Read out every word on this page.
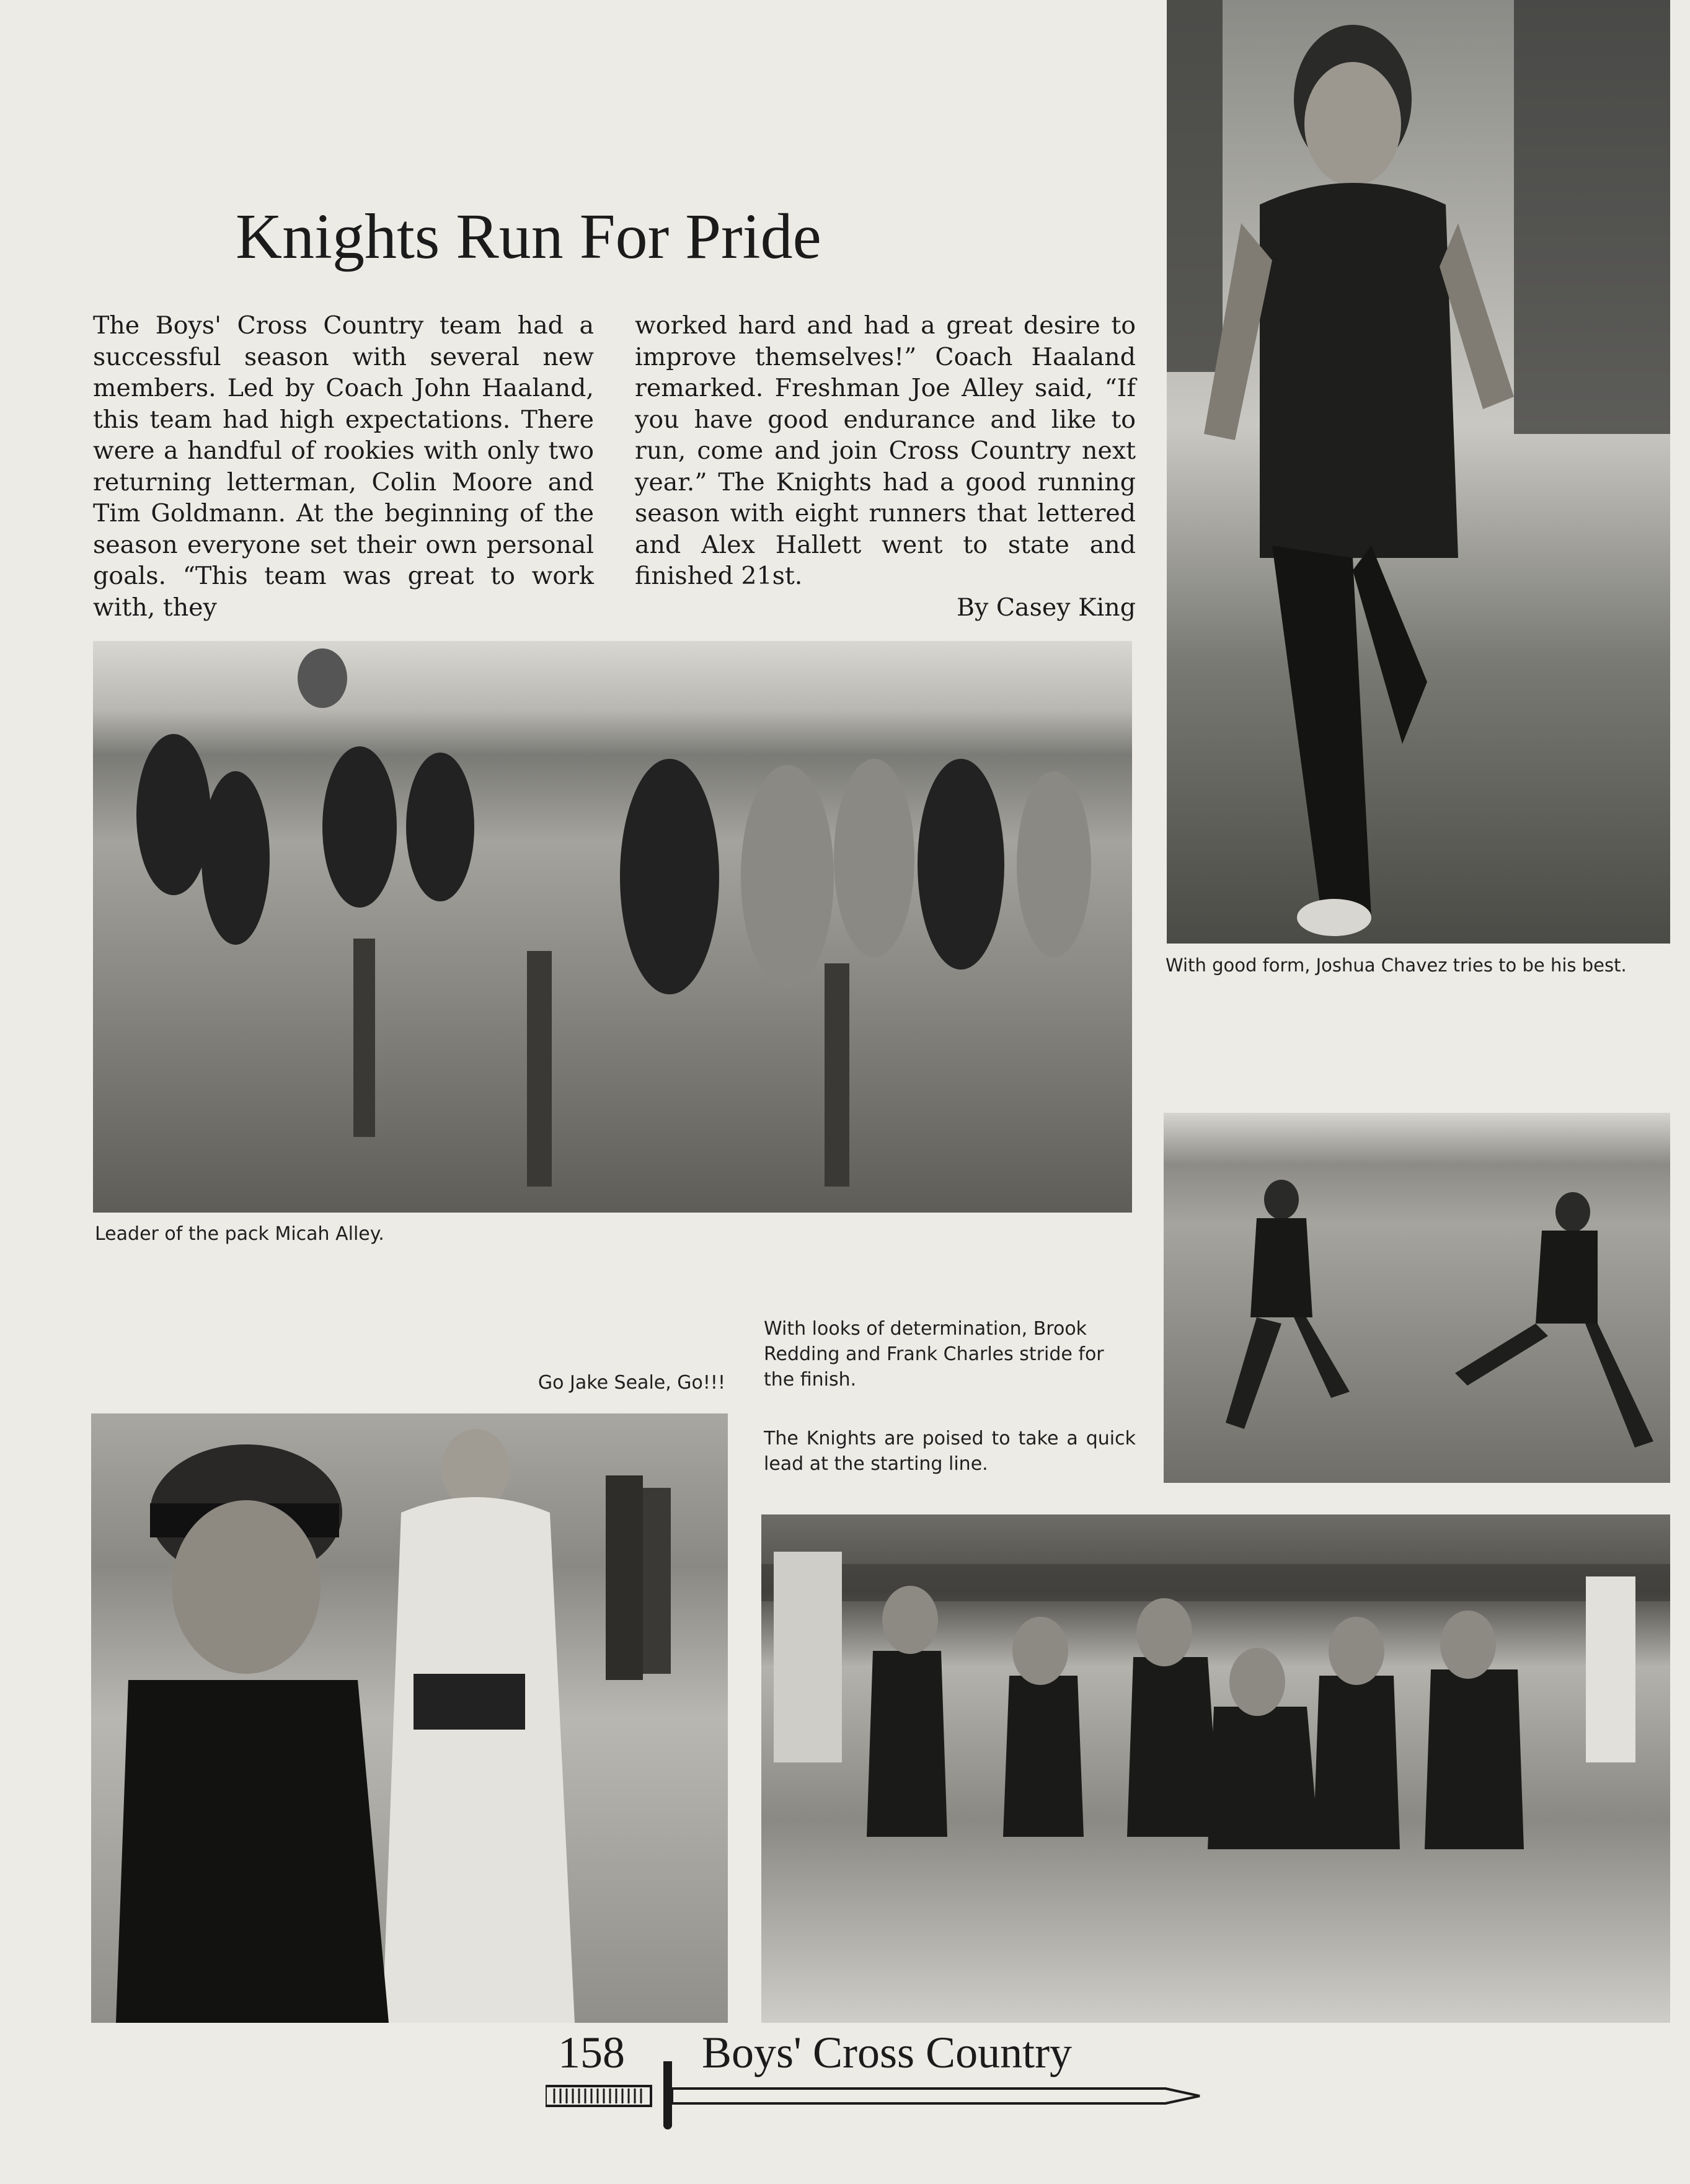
Knights Run For Pride

The Boys' Cross Country team had a successful season with several new members. Led by Coach John Haaland, this team had high expectations. There were a handful of rookies with only two returning letterman, Colin Moore and Tim Goldmann. At the beginning of the season everyone set their own personal goals. “This team was great to work with, they

worked hard and had a great desire to improve themselves!” Coach Haaland remarked. Freshman Joe Alley said, “If you have good endurance and like to run, come and join Cross Country next year.” The Knights had a good running season with eight runners that lettered and Alex Hallett went to state and finished 21st.

By Casey King

With good form, Joshua Chavez tries to be his best.
Leader of the pack Micah Alley.
With looks of determination, Brook Redding and Frank Charles stride for the finish.
The Knights are poised to take a quick lead at the starting line.
Go Jake Seale, Go!!!
158 Boys' Cross Country
